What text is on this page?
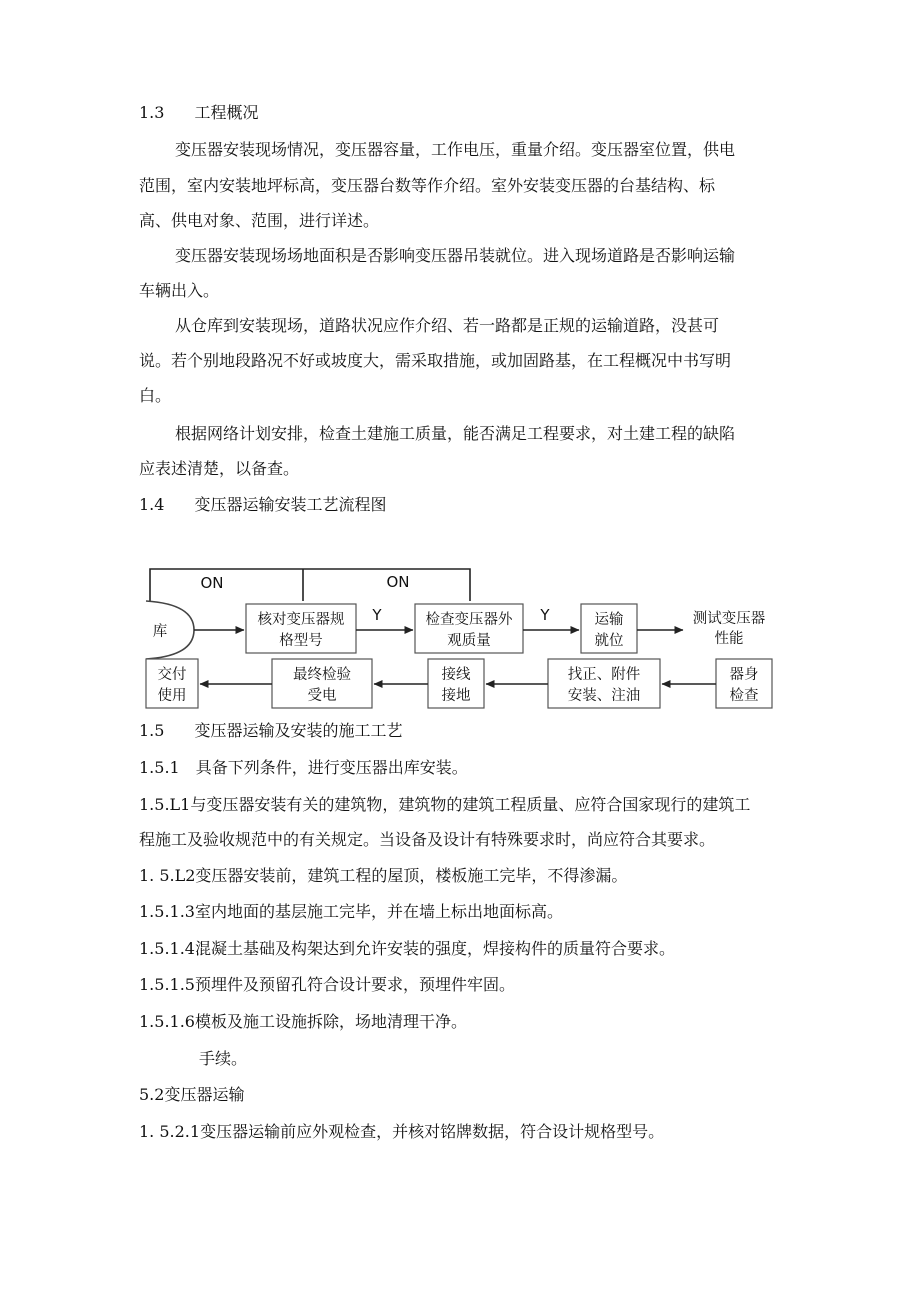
1.3 工程概况

变压器安装现场情况，变压器容量，工作电压，重量介绍。变压器室位置，供电

范围，室内安装地坪标高，变压器台数等作介绍。室外安装变压器的台基结构、标

高、供电对象、范围，进行详述。

变压器安装现场场地面积是否影响变压器吊装就位。进入现场道路是否影响运输

车辆出入。

从仓库到安装现场，道路状况应作介绍、若一路都是正规的运输道路，没甚可

说。若个别地段路况不好或坡度大，需采取措施，或加固路基，在工程概况中书写明

白。

根据网络计划安排，检查土建施工质量，能否满足工程要求，对土建工程的缺陷

应表述清楚，以备查。

1.4 变压器运输安装工艺流程图
ON	ON
库
核对变压器规
格型号
检查变压器外
观质量
运输
就位
测试变压器
性能
Y	Y
交付
使用
最终检验
受电
接线
接地
找正、附件
安装、注油
器身
检查
1.5 变压器运输及安装的施工工艺

1.5.1　具备下列条件，进行变压器出库安装。

1.5.L1与变压器安装有关的建筑物，建筑物的建筑工程质量、应符合国家现行的建筑工

程施工及验收规范中的有关规定。当设备及设计有特殊要求时，尚应符合其要求。

1. 5.L2变压器安装前，建筑工程的屋顶，楼板施工完毕，不得渗漏。

1.5.1.3室内地面的基层施工完毕，并在墙上标出地面标高。

1.5.1.4混凝土基础及构架达到允许安装的强度，焊接构件的质量符合要求。

1.5.1.5预埋件及预留孔符合设计要求，预埋件牢固。

1.5.1.6模板及施工设施拆除，场地清理干净。

手续。

5.2变压器运输

1. 5.2.1变压器运输前应外观检查，并核对铭牌数据，符合设计规格型号。
